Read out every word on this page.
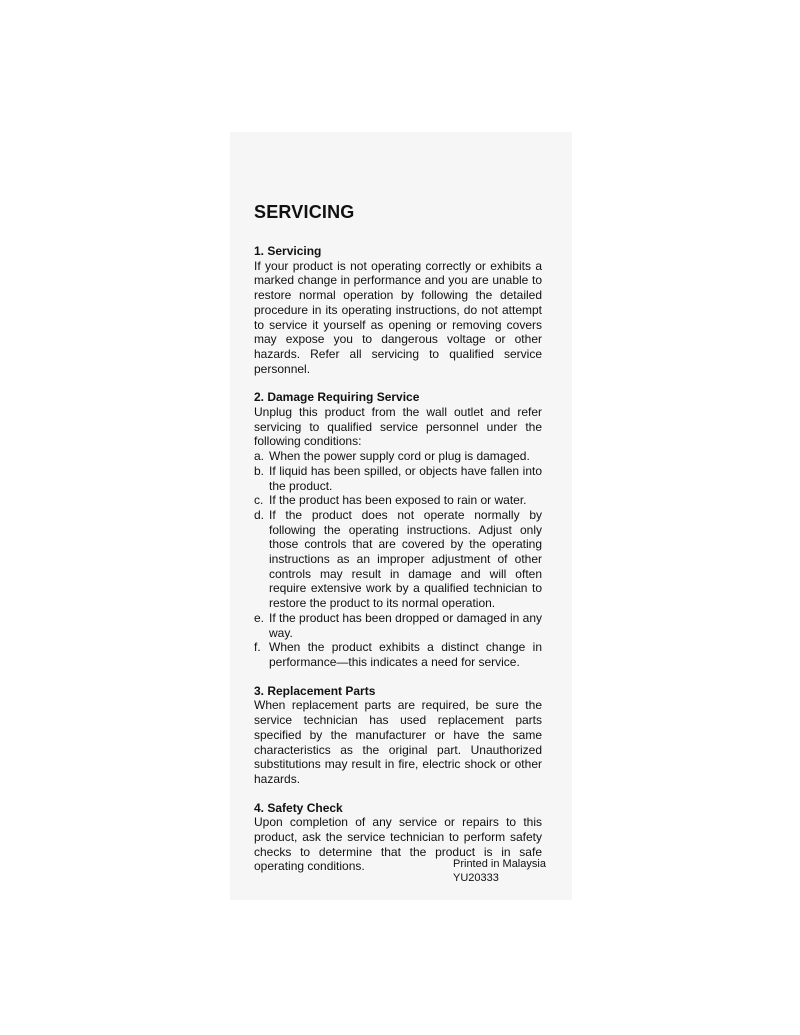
SERVICING

1. Servicing

If your product is not operating correctly or exhibits a marked change in performance and you are unable to restore normal operation by following the detailed procedure in its operating instructions, do not attempt to service it yourself as opening or removing covers may expose you to dangerous voltage or other hazards. Refer all servicing to qualified service personnel.

2. Damage Requiring Service

Unplug this product from the wall outlet and refer servicing to qualified service personnel under the following conditions:

a. When the power supply cord or plug is damaged.
b. If liquid has been spilled, or objects have fallen into the product.
c. If the product has been exposed to rain or water.
d. If the product does not operate normally by following the operating instructions. Adjust only those controls that are covered by the operating instructions as an improper adjustment of other controls may result in damage and will often require extensive work by a qualified technician to restore the product to its normal operation.
e. If the product has been dropped or damaged in any way.
f. When the product exhibits a distinct change in performance—this indicates a need for service.

3. Replacement Parts

When replacement parts are required, be sure the service technician has used replacement parts specified by the manufacturer or have the same characteristics as the original part. Unauthorized substitutions may result in fire, electric shock or other hazards.

4. Safety Check

Upon completion of any service or repairs to this product, ask the service technician to perform safety checks to determine that the product is in safe operating conditions.	Printed in Malaysia
YU20333
